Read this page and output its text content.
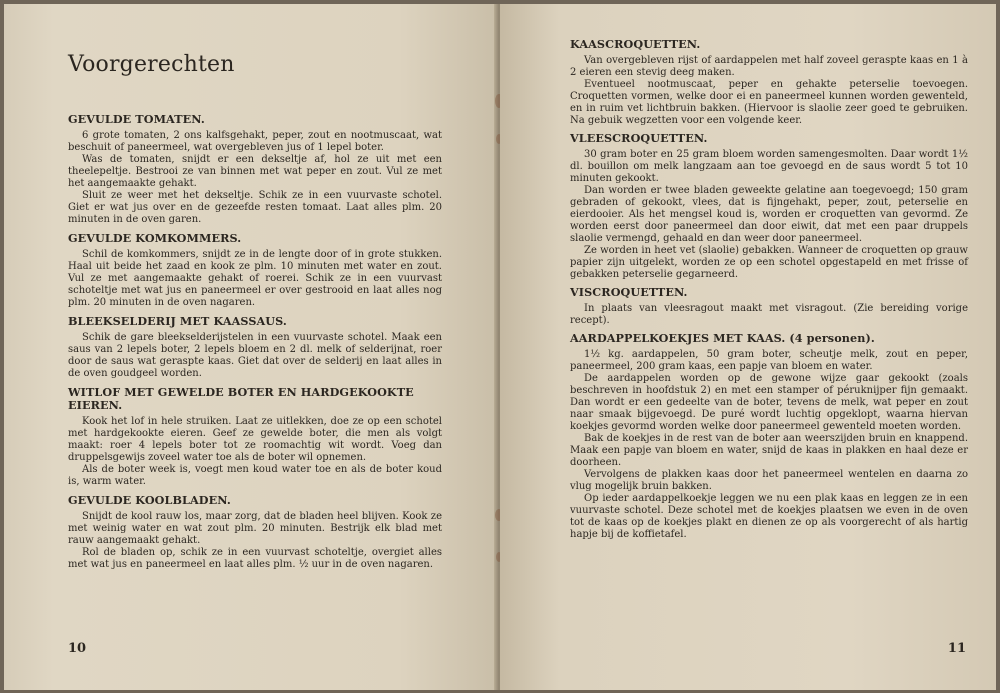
Voorgerechten
GEVULDE TOMATEN.

6 grote tomaten, 2 ons kalfsgehakt, peper, zout en nootmuscaat, wat beschuit of paneermeel, wat overgebleven jus of 1 lepel boter.

Was de tomaten, snijdt er een dekseltje af, hol ze uit met een theelepeltje. Bestrooi ze van binnen met wat peper en zout. Vul ze met het aangemaakte gehakt.

Sluit ze weer met het dekseltje. Schik ze in een vuurvaste schotel. Giet er wat jus over en de gezeefde resten tomaat. Laat alles plm. 20 minuten in de oven garen.

GEVULDE KOMKOMMERS.

Schil de komkommers, snijdt ze in de lengte door of in grote stukken. Haal uit beide het zaad en kook ze plm. 10 minuten met water en zout. Vul ze met aangemaakte gehakt of roerei. Schik ze in een vuurvast schoteltje met wat jus en paneermeel er over gestrooid en laat alles nog plm. 20 minuten in de oven nagaren.

BLEEKSELDERIJ MET KAASSAUS.

Schik de gare bleekselderijstelen in een vuurvaste schotel. Maak een saus van 2 lepels boter, 2 lepels bloem en 2 dl. melk of selderijnat, roer door de saus wat geraspte kaas. Giet dat over de selderij en laat alles in de oven goudgeel worden.

WITLOF MET GEWELDE BOTER EN HARDGEKOOKTE EIEREN.

Kook het lof in hele struiken. Laat ze uitlekken, doe ze op een schotel met hardgekookte eieren. Geef ze gewelde boter, die men als volgt maakt: roer 4 lepels boter tot ze roomachtig wit wordt. Voeg dan druppelsgewijs zoveel water toe als de boter wil opnemen.

Als de boter week is, voegt men koud water toe en als de boter koud is, warm water.

GEVULDE KOOLBLADEN.

Snijdt de kool rauw los, maar zorg, dat de bladen heel blijven. Kook ze met weinig water en wat zout plm. 20 minuten. Bestrijk elk blad met rauw aangemaakt gehakt.

Rol de bladen op, schik ze in een vuurvast schoteltje, overgiet alles met wat jus en paneermeel en laat alles plm. ½ uur in de oven nagaren.

10
KAASCROQUETTEN.

Van overgebleven rijst of aardappelen met half zoveel geraspte kaas en 1 à 2 eieren een stevig deeg maken.

Eventueel nootmuscaat, peper en gehakte peterselie toevoegen. Croquetten vormen, welke door ei en paneermeel kunnen worden gewenteld, en in ruim vet lichtbruin bakken. (Hiervoor is slaolie zeer goed te gebruiken. Na gebuik wegzetten voor een volgende keer.

VLEESCROQUETTEN.

30 gram boter en 25 gram bloem worden samengesmolten. Daar wordt 1½ dl. bouillon om melk langzaam aan toe gevoegd en de saus wordt 5 tot 10 minuten gekookt.

Dan worden er twee bladen geweekte gelatine aan toegevoegd; 150 gram gebraden of gekookt, vlees, dat is fijngehakt, peper, zout, peterselie en eierdooier. Als het mengsel koud is, worden er croquetten van gevormd. Ze worden eerst door paneermeel dan door eiwit, dat met een paar druppels slaolie vermengd, gehaald en dan weer door paneermeel.

Ze worden in heet vet (slaolie) gebakken. Wanneer de croquetten op grauw papier zijn uitgelekt, worden ze op een schotel opgestapeld en met frisse of gebakken peterselie gegarneerd.

VISCROQUETTEN.

In plaats van vleesragout maakt met visragout. (Zie bereiding vorige recept).

AARDAPPELKOEKJES MET KAAS. (4 personen).

1½ kg. aardappelen, 50 gram boter, scheutje melk, zout en peper, paneermeel, 200 gram kaas, een papje van bloem en water.

De aardappelen worden op de gewone wijze gaar gekookt (zoals beschreven in hoofdstuk 2) en met een stamper of péruknijper fijn gemaakt. Dan wordt er een gedeelte van de boter, tevens de melk, wat peper en zout naar smaak bijgevoegd. De puré wordt luchtig opgeklopt, waarna hiervan koekjes gevormd worden welke door paneermeel gewenteld moeten worden.

Bak de koekjes in de rest van de boter aan weerszijden bruin en knappend. Maak een papje van bloem en water, snijd de kaas in plakken en haal deze er doorheen.

Vervolgens de plakken kaas door het paneermeel wentelen en daarna zo vlug mogelijk bruin bakken.

Op ieder aardappelkoekje leggen we nu een plak kaas en leggen ze in een vuurvaste schotel. Deze schotel met de koekjes plaatsen we even in de oven tot de kaas op de koekjes plakt en dienen ze op als voorgerecht of als hartig hapje bij de koffietafel.

11
